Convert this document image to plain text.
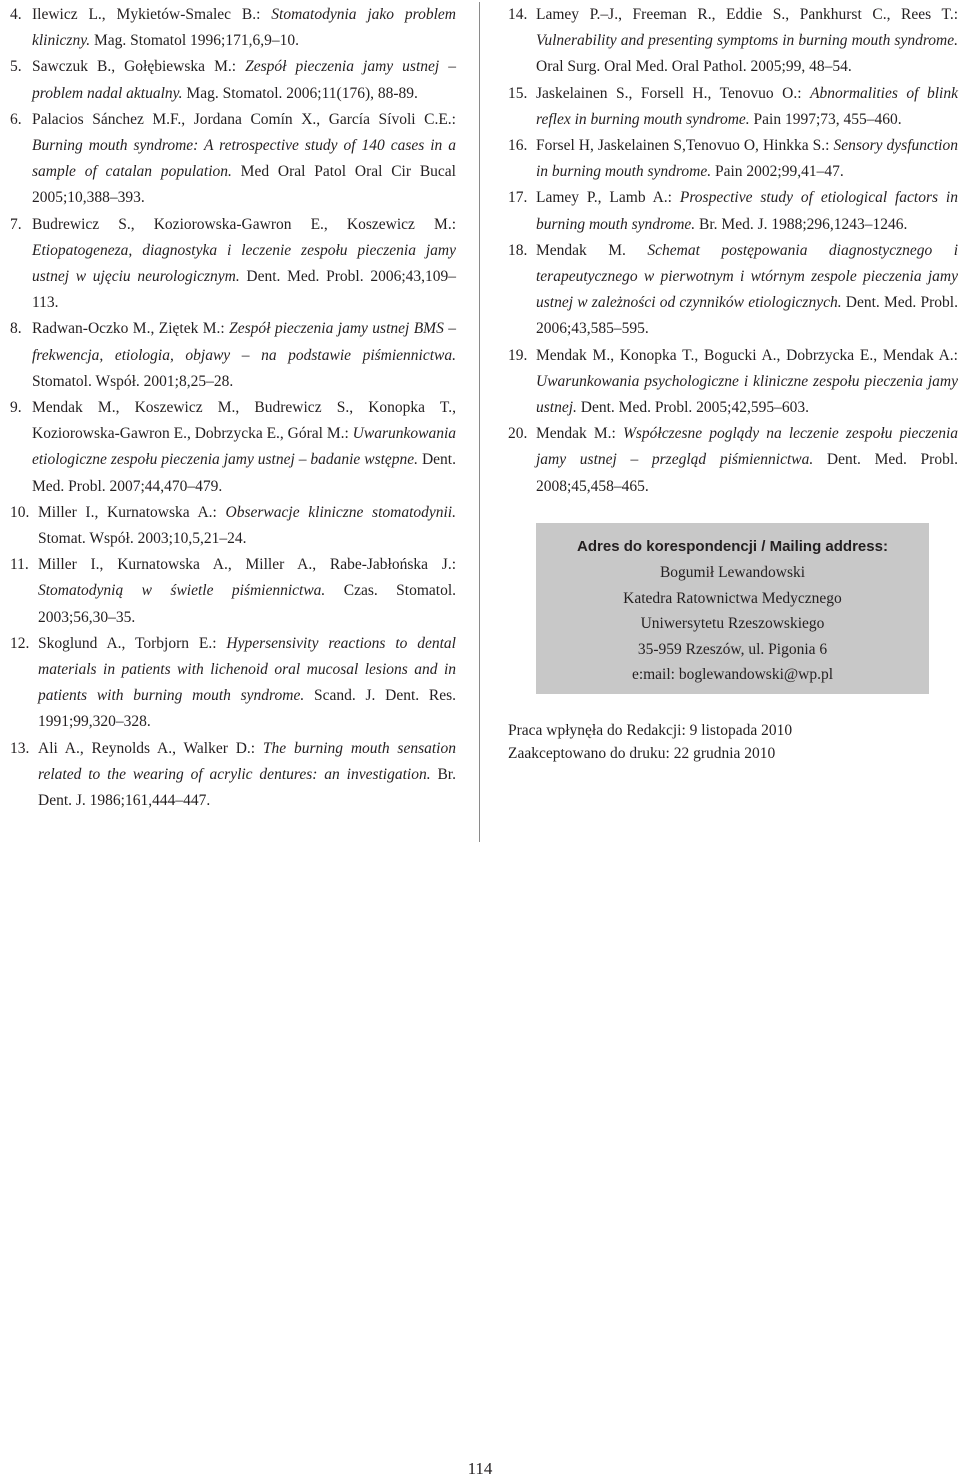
4. Ilewicz L., Mykietów-Smalec B.: Stomatodynia jako problem kliniczny. Mag. Stomatol 1996;171,6,9–10.
5. Sawczuk B., Gołębiewska M.: Zespół pieczenia jamy ustnej – problem nadal aktualny. Mag. Stomatol. 2006;11(176), 88-89.
6. Palacios Sánchez M.F., Jordana Comín X., García Sívoli C.E.: Burning mouth syndrome: A retrospective study of 140 cases in a sample of catalan population. Med Oral Patol Oral Cir Bucal 2005;10,388–393.
7. Budrewicz S., Koziorowska-Gawron E., Koszewicz M.: Etiopatogeneza, diagnostyka i leczenie zespołu pieczenia jamy ustnej w ujęciu neurologicznym. Dent. Med. Probl. 2006;43,109–113.
8. Radwan-Oczko M., Ziętek M.: Zespół pieczenia jamy ustnej BMS – frekwencja, etiologia, objawy – na podstawie piśmiennictwa. Stomatol. Współ. 2001;8,25–28.
9. Mendak M., Koszewicz M., Budrewicz S., Konopka T., Koziorowska-Gawron E., Dobrzycka E., Góral M.: Uwarunkowania etiologiczne zespołu pieczenia jamy ustnej – badanie wstępne. Dent. Med. Probl. 2007;44,470–479.
10. Miller I., Kurnatowska A.: Obserwacje kliniczne stomatodynii. Stomat. Współ. 2003;10,5,21–24.
11. Miller I., Kurnatowska A., Miller A., Rabe-Jabłońska J.: Stomatodynią w świetle piśmiennictwa. Czas. Stomatol. 2003;56,30–35.
12. Skoglund A., Torbjorn E.: Hypersensivity reactions to dental materials in patients with lichenoid oral mucosal lesions and in patients with burning mouth syndrome. Scand. J. Dent. Res. 1991;99,320–328.
13. Ali A., Reynolds A., Walker D.: The burning mouth sensation related to the wearing of acrylic dentures: an investigation. Br. Dent. J. 1986;161,444–447.
14. Lamey P.–J., Freeman R., Eddie S., Pankhurst C., Rees T.: Vulnerability and presenting symptoms in burning mouth syndrome. Oral Surg. Oral Med. Oral Pathol. 2005;99, 48–54.
15. Jaskelainen S., Forsell H., Tenovuo O.: Abnormalities of blink reflex in burning mouth syndrome. Pain 1997;73, 455–460.
16. Forsel H, Jaskelainen S,Tenovuo O, Hinkka S.: Sensory dysfunction in burning mouth syndrome. Pain 2002;99,41–47.
17. Lamey P., Lamb A.: Prospective study of etiological factors in burning mouth syndrome. Br. Med. J. 1988;296,1243–1246.
18. Mendak M. Schemat postępowania diagnostycznego i terapeutycznego w pierwotnym i wtórnym zespole pieczenia jamy ustnej w zależności od czynników etiologicznych. Dent. Med. Probl. 2006;43,585–595.
19. Mendak M., Konopka T., Bogucki A., Dobrzycka E., Mendak A.: Uwarunkowania psychologiczne i kliniczne zespołu pieczenia jamy ustnej. Dent. Med. Probl. 2005;42,595–603.
20. Mendak M.: Współczesne poglądy na leczenie zespołu pieczenia jamy ustnej – przegląd piśmiennictwa. Dent. Med. Probl. 2008;45,458–465.
Adres do korespondencji / Mailing address:
Bogumił Lewandowski
Katedra Ratownictwa Medycznego
Uniwersytetu Rzeszowskiego
35-959 Rzeszów, ul. Pigonia 6
e:mail: boglewandowski@wp.pl
Praca wpłynęła do Redakcji: 9 listopada 2010
Zaakceptowano do druku: 22 grudnia 2010
114
